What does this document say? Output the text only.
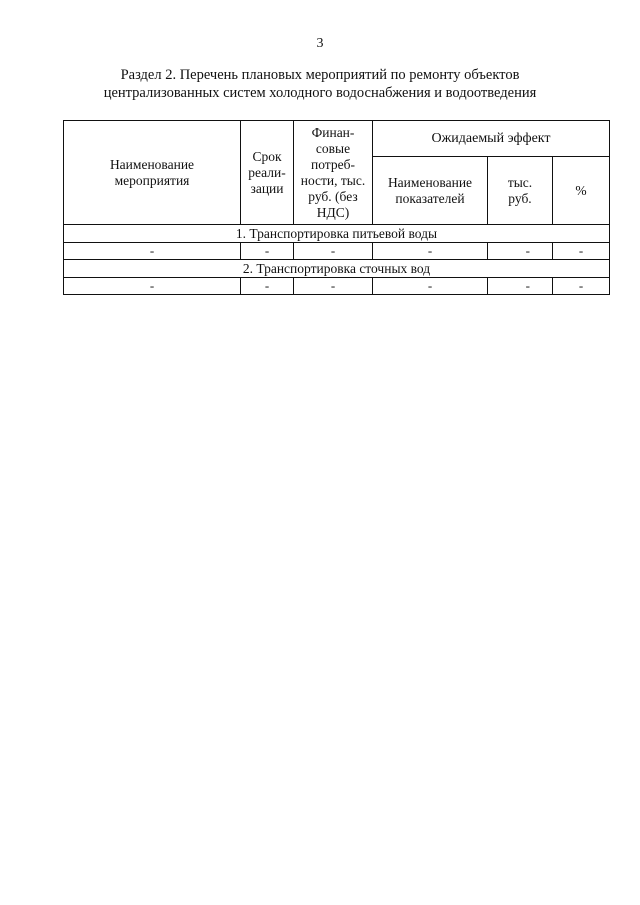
3
Раздел 2. Перечень плановых мероприятий по ремонту объектов
централизованных систем холодного водоснабжения и водоотведения
Наименование мероприятия	Срок реали-зации	Финан-совые потреб-ности, тыс. руб. (без НДС)	Ожидаемый эффект		
			Наименование показателей	тыс. руб.	%
1. Транспортировка питьевой воды					
-	-	-	-	-	-
2. Транспортировка сточных вод					
-	-	-	-	-	-
